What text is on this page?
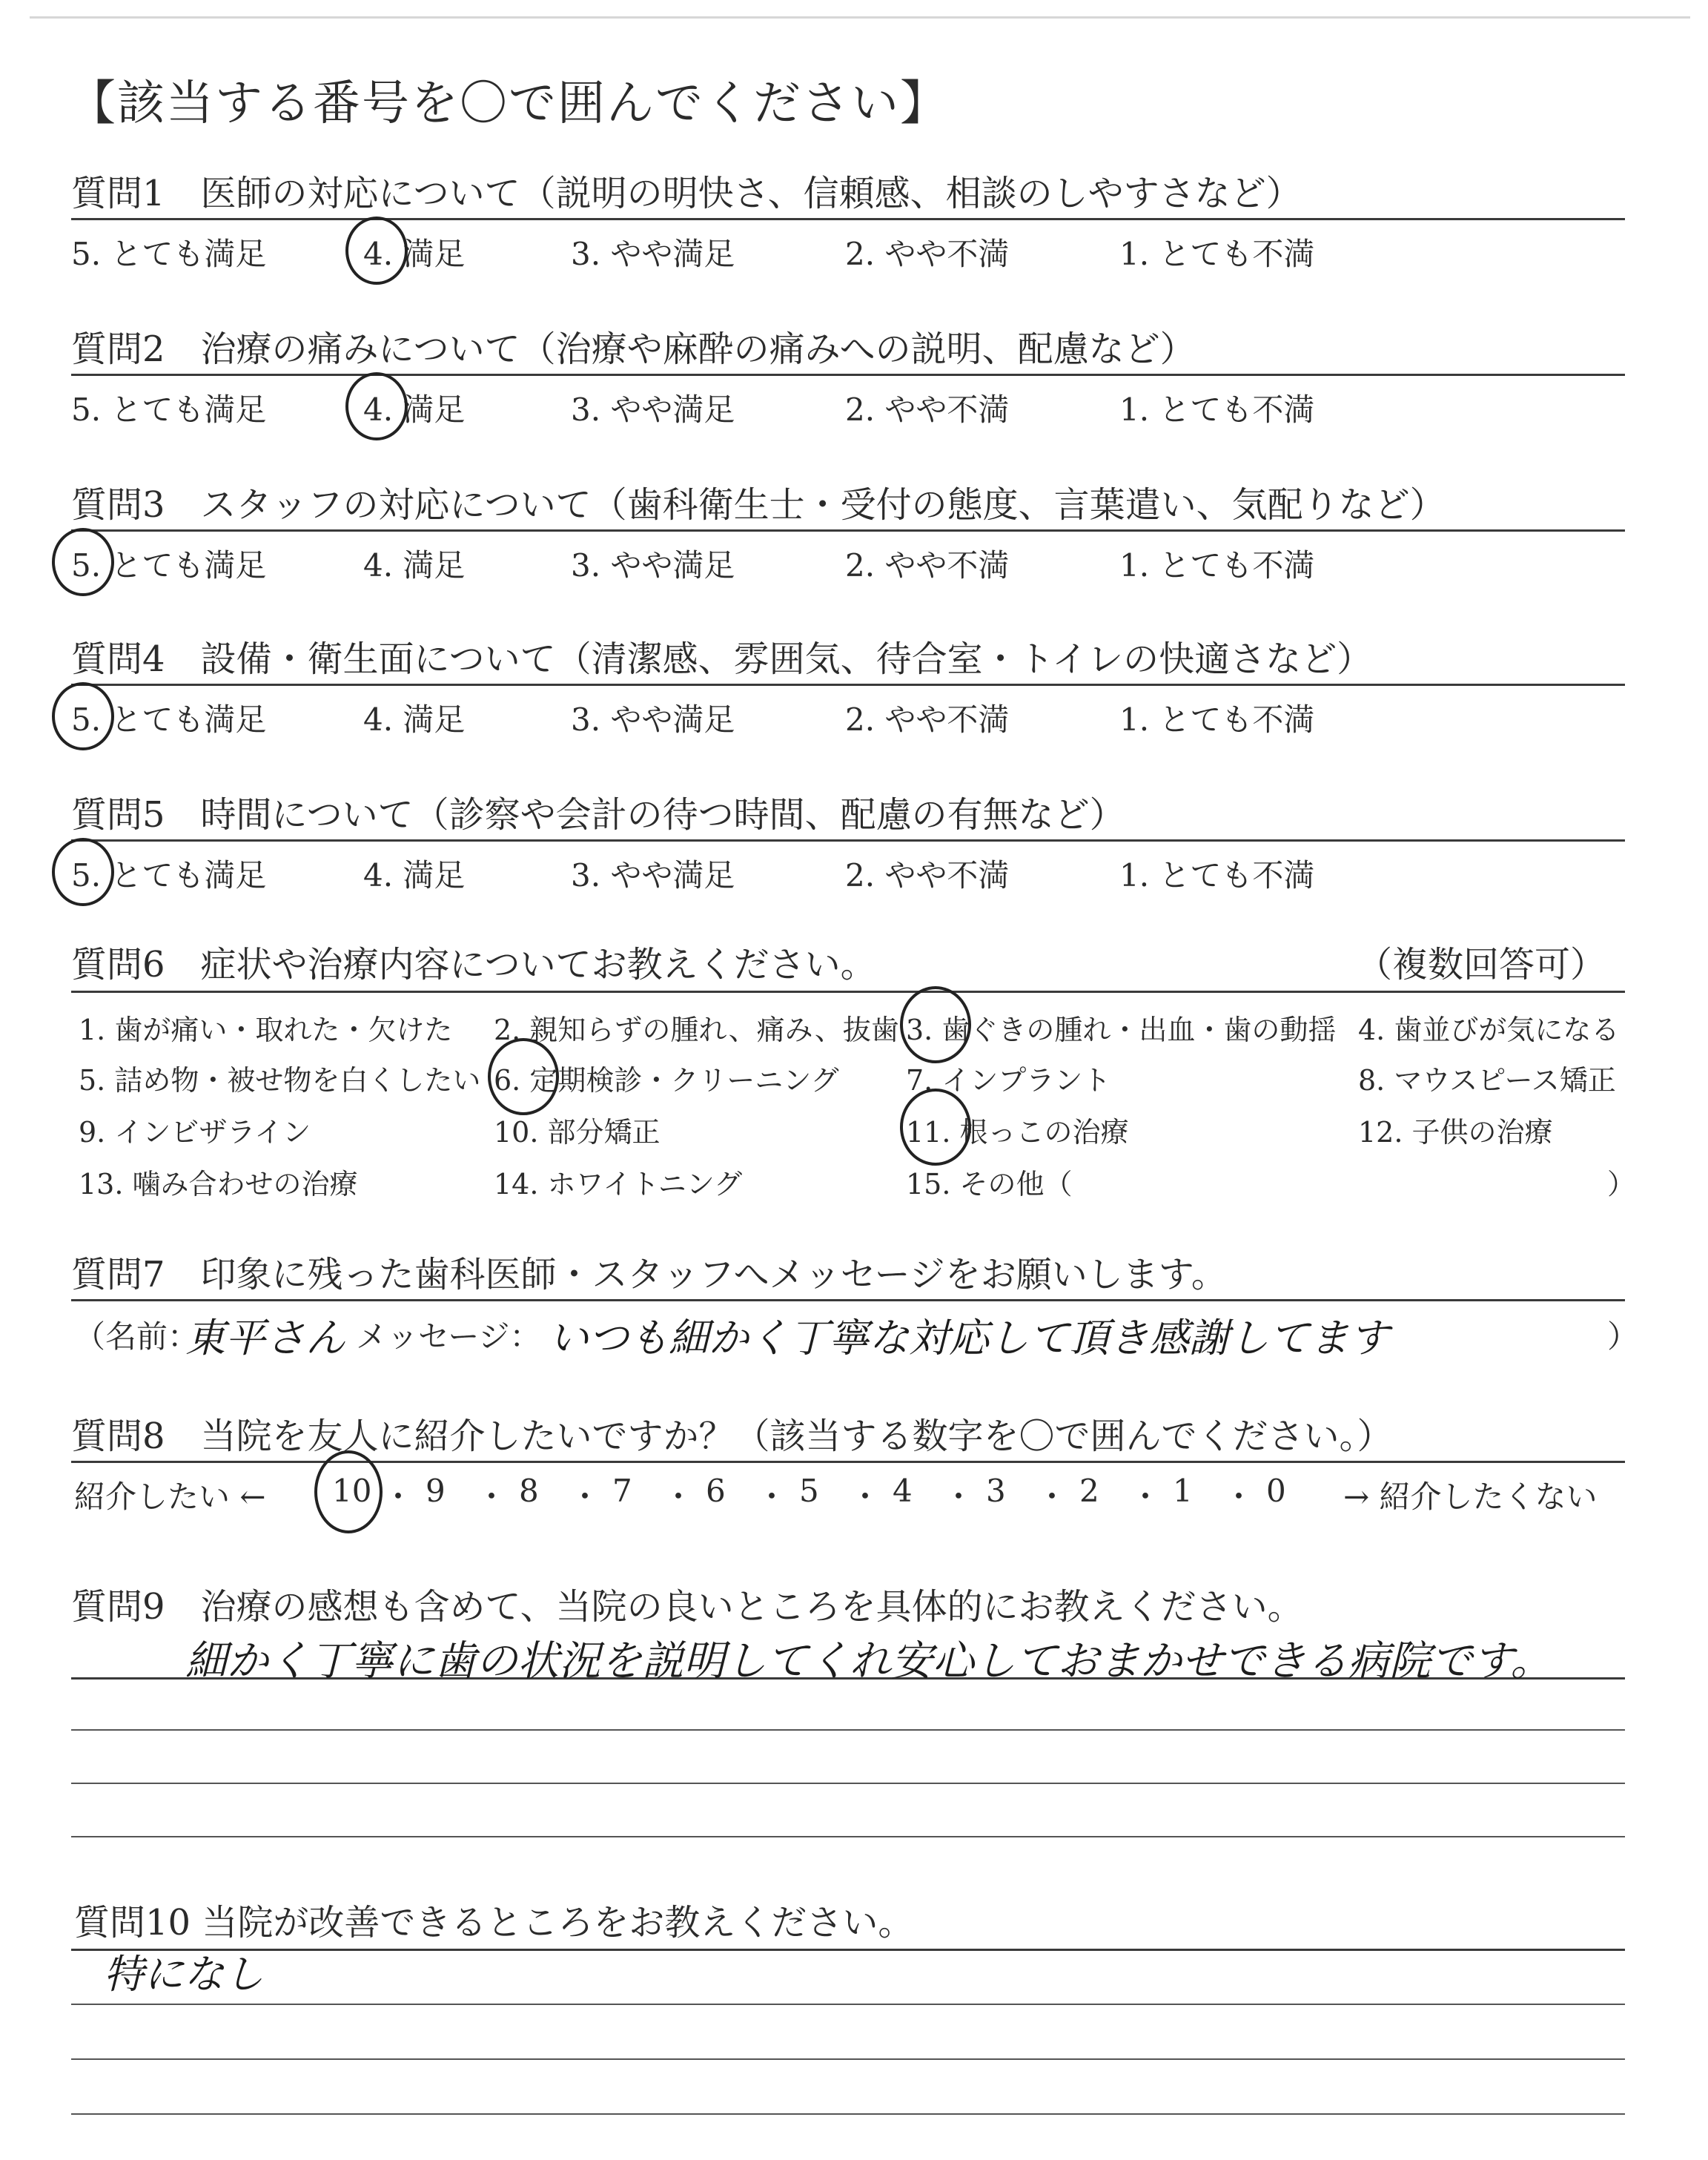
【該当する番号を〇で囲んでください】
質問1　医師の対応について（説明の明快さ、信頼感、相談のしやすさなど）
5. とても満足	4. 満足	3. やや満足	2. やや不満	1. とても不満
質問2　治療の痛みについて（治療や麻酔の痛みへの説明、配慮など）
5. とても満足	4. 満足	3. やや満足	2. やや不満	1. とても不満
質問3　スタッフの対応について（歯科衛生士・受付の態度、言葉遣い、気配りなど）
5. とても満足	4. 満足	3. やや満足	2. やや不満	1. とても不満
質問4　設備・衛生面について（清潔感、雰囲気、待合室・トイレの快適さなど）
5. とても満足	4. 満足	3. やや満足	2. やや不満	1. とても不満
質問5　時間について（診察や会計の待つ時間、配慮の有無など）
5. とても満足	4. 満足	3. やや満足	2. やや不満	1. とても不満
質問6　症状や治療内容についてお教えください。	（複数回答可）
1. 歯が痛い・取れた・欠けた 2. 親知らずの腫れ、痛み、抜歯 3. 歯ぐきの腫れ・出血・歯の動揺 4. 歯並びが気になる
5. 詰め物・被せ物を白くしたい 6. 定期検診・クリーニング 7. インプラント	8. マウスピース矯正
9. インビザライン	10. 部分矯正	11. 根っこの治療	12. 子供の治療
13. 噛み合わせの治療	14. ホワイトニング	15. その他（	）
質問7　印象に残った歯科医師・スタッフへメッセージをお願いします。
（名前：
東平さん メッセージ： いつも細かく丁寧な対応して頂き感謝してます	）
質問8　当院を友人に紹介したいですか？（該当する数字を〇で囲んでください。）
紹介したい ← 10 ・ 9 ・ 8 ・ 7 ・ 6 ・ 5 ・ 4 ・ 3 ・ 2 ・ 1 ・ 0 → 紹介したくない
質問9　治療の感想も含めて、当院の良いところを具体的にお教えください。
細かく丁寧に歯の状況を説明してくれ安心しておまかせできる病院です。
質問10 当院が改善できるところをお教えください。
特になし
